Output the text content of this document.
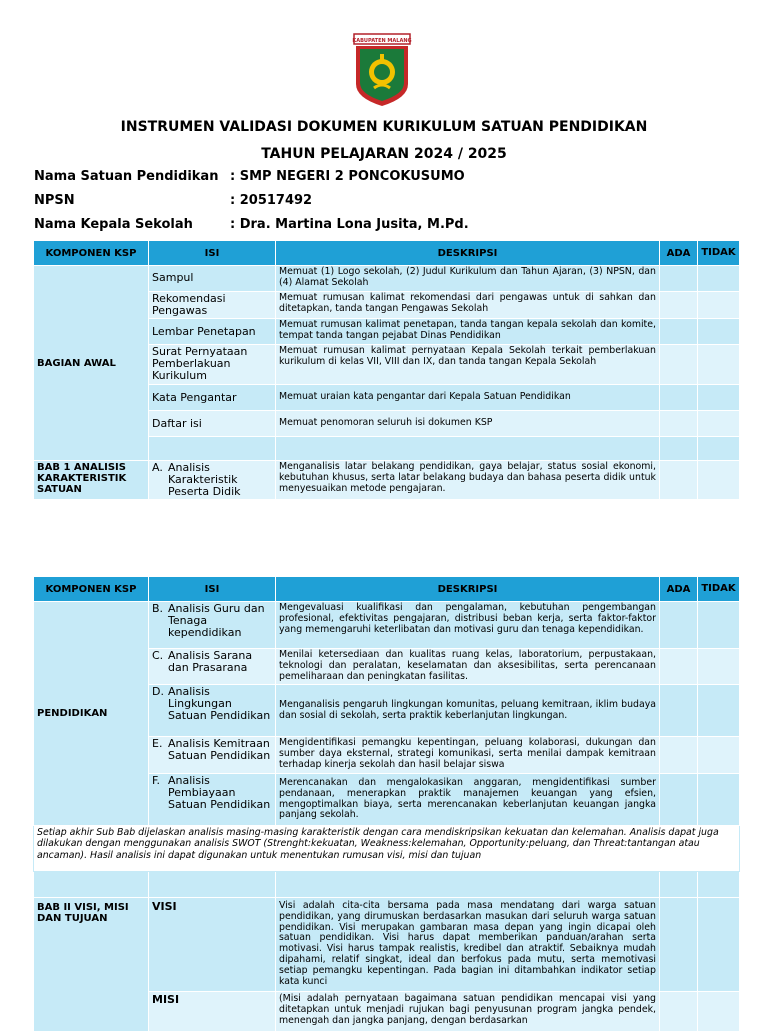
KABUPATEN MALANG
INSTRUMEN VALIDASI DOKUMEN KURIKULUM SATUAN PENDIDIKAN
TAHUN PELAJARAN 2024 / 2025
Nama Satuan Pendidikan : SMP NEGERI 2 PONCOKUSUMO
NPSN	: 20517492
Nama Kepala Sekolah	: Dra. Martina Lona Jusita, M.Pd.
KOMPONEN KSP	ISI	DESKRIPSI	ADA	TIDAK
BAGIAN AWAL	Sampul	Memuat (1) Logo sekolah, (2) Judul Kurikulum dan Tahun Ajaran, (3) NPSN, dan (4) Alamat Sekolah		
	Rekomendasi Pengawas	Memuat rumusan kalimat rekomendasi dari pengawas untuk di sahkan dan ditetapkan, tanda tangan Pengawas Sekolah		
	Lembar Penetapan	Memuat rumusan kalimat penetapan, tanda tangan kepala sekolah dan komite, tempat tanda tangan pejabat Dinas Pendidikan		
	Surat Pernyataan Pemberlakuan Kurikulum	Memuat rumusan kalimat pernyataan Kepala Sekolah terkait pemberlakuan kurikulum di kelas VII, VIII dan IX, dan tanda tangan Kepala Sekolah		
	Kata Pengantar	Memuat uraian kata pengantar dari Kepala Satuan Pendidikan		
	Daftar isi	Memuat penomoran seluruh isi dokumen KSP		

BAB 1 ANALISIS KARAKTERISTIK SATUAN	A. Analisis Karakteristik Peserta Didik	Menganalisis latar belakang pendidikan, gaya belajar, status sosial ekonomi, kebutuhan khusus, serta latar belakang budaya dan bahasa peserta didik untuk menyesuaikan metode pengajaran.		
KOMPONEN KSP	ISI	DESKRIPSI	ADA	TIDAK
PENDIDIKAN	B. Analisis Guru dan Tenaga kependidikan	Mengevaluasi kualifikasi dan pengalaman, kebutuhan pengembangan profesional, efektivitas pengajaran, distribusi beban kerja, serta faktor-faktor yang memengaruhi keterlibatan dan motivasi guru dan tenaga kependidikan.		

	C. Analisis Sarana dan Prasarana	Menilai ketersediaan dan kualitas ruang kelas, laboratorium, perpustakaan, teknologi dan peralatan, keselamatan dan aksesibilitas, serta perencanaan pemeliharaan dan peningkatan fasilitas.		

	D. Analisis Lingkungan Satuan Pendidikan	Menganalisis pengaruh lingkungan komunitas, peluang kemitraan, iklim budaya dan sosial di sekolah, serta praktik keberlanjutan lingkungan.		

	E. Analisis Kemitraan Satuan Pendidikan	Mengidentifikasi pemangku kepentingan, peluang kolaborasi, dukungan dan sumber daya eksternal, strategi komunikasi, serta menilai dampak kemitraan terhadap kinerja sekolah dan hasil belajar siswa		

	F. Analisis Pembiayaan Satuan Pendidikan	Merencanakan dan mengalokasikan anggaran, mengidentifikasi sumber pendanaan, menerapkan praktik manajemen keuangan yang efsien, mengoptimalkan biaya, serta merencanakan keberlanjutan keuangan jangka panjang sekolah.		
Setiap akhir Sub Bab dijelaskan analisis masing-masing karakteristik dengan cara mendiskripsikan kekuatan dan kelemahan. Analisis dapat juga dilakukan dengan menggunakan analisis SWOT (Strenght:kekuatan, Weakness:kelemahan, Opportunity:peluang, dan Threat:tantangan atau ancaman). Hasil analisis ini dapat digunakan untuk menentukan rumusan visi, misi dan tujuan				

BAB II VISI, MISI DAN TUJUAN	VISI	Visi adalah cita-cita bersama pada masa mendatang dari warga satuan pendidikan, yang dirumuskan berdasarkan masukan dari seluruh warga satuan pendidikan. Visi merupakan gambaran masa depan yang ingin dicapai oleh satuan pendidikan. Visi harus dapat memberikan panduan/arahan serta motivasi. Visi harus tampak realistis, kredibel dan atraktif. Sebaiknya mudah dipahami, relatif singkat, ideal dan berfokus pada mutu, serta memotivasi setiap pemangku kepentingan. Pada bagian ini ditambahkan indikator setiap kata kunci		
	MISI	(Misi adalah pernyataan bagaimana satuan pendidikan mencapai visi yang ditetapkan untuk menjadi rujukan bagi penyusunan program jangka pendek, menengah dan jangka panjang, dengan berdasarkan		
